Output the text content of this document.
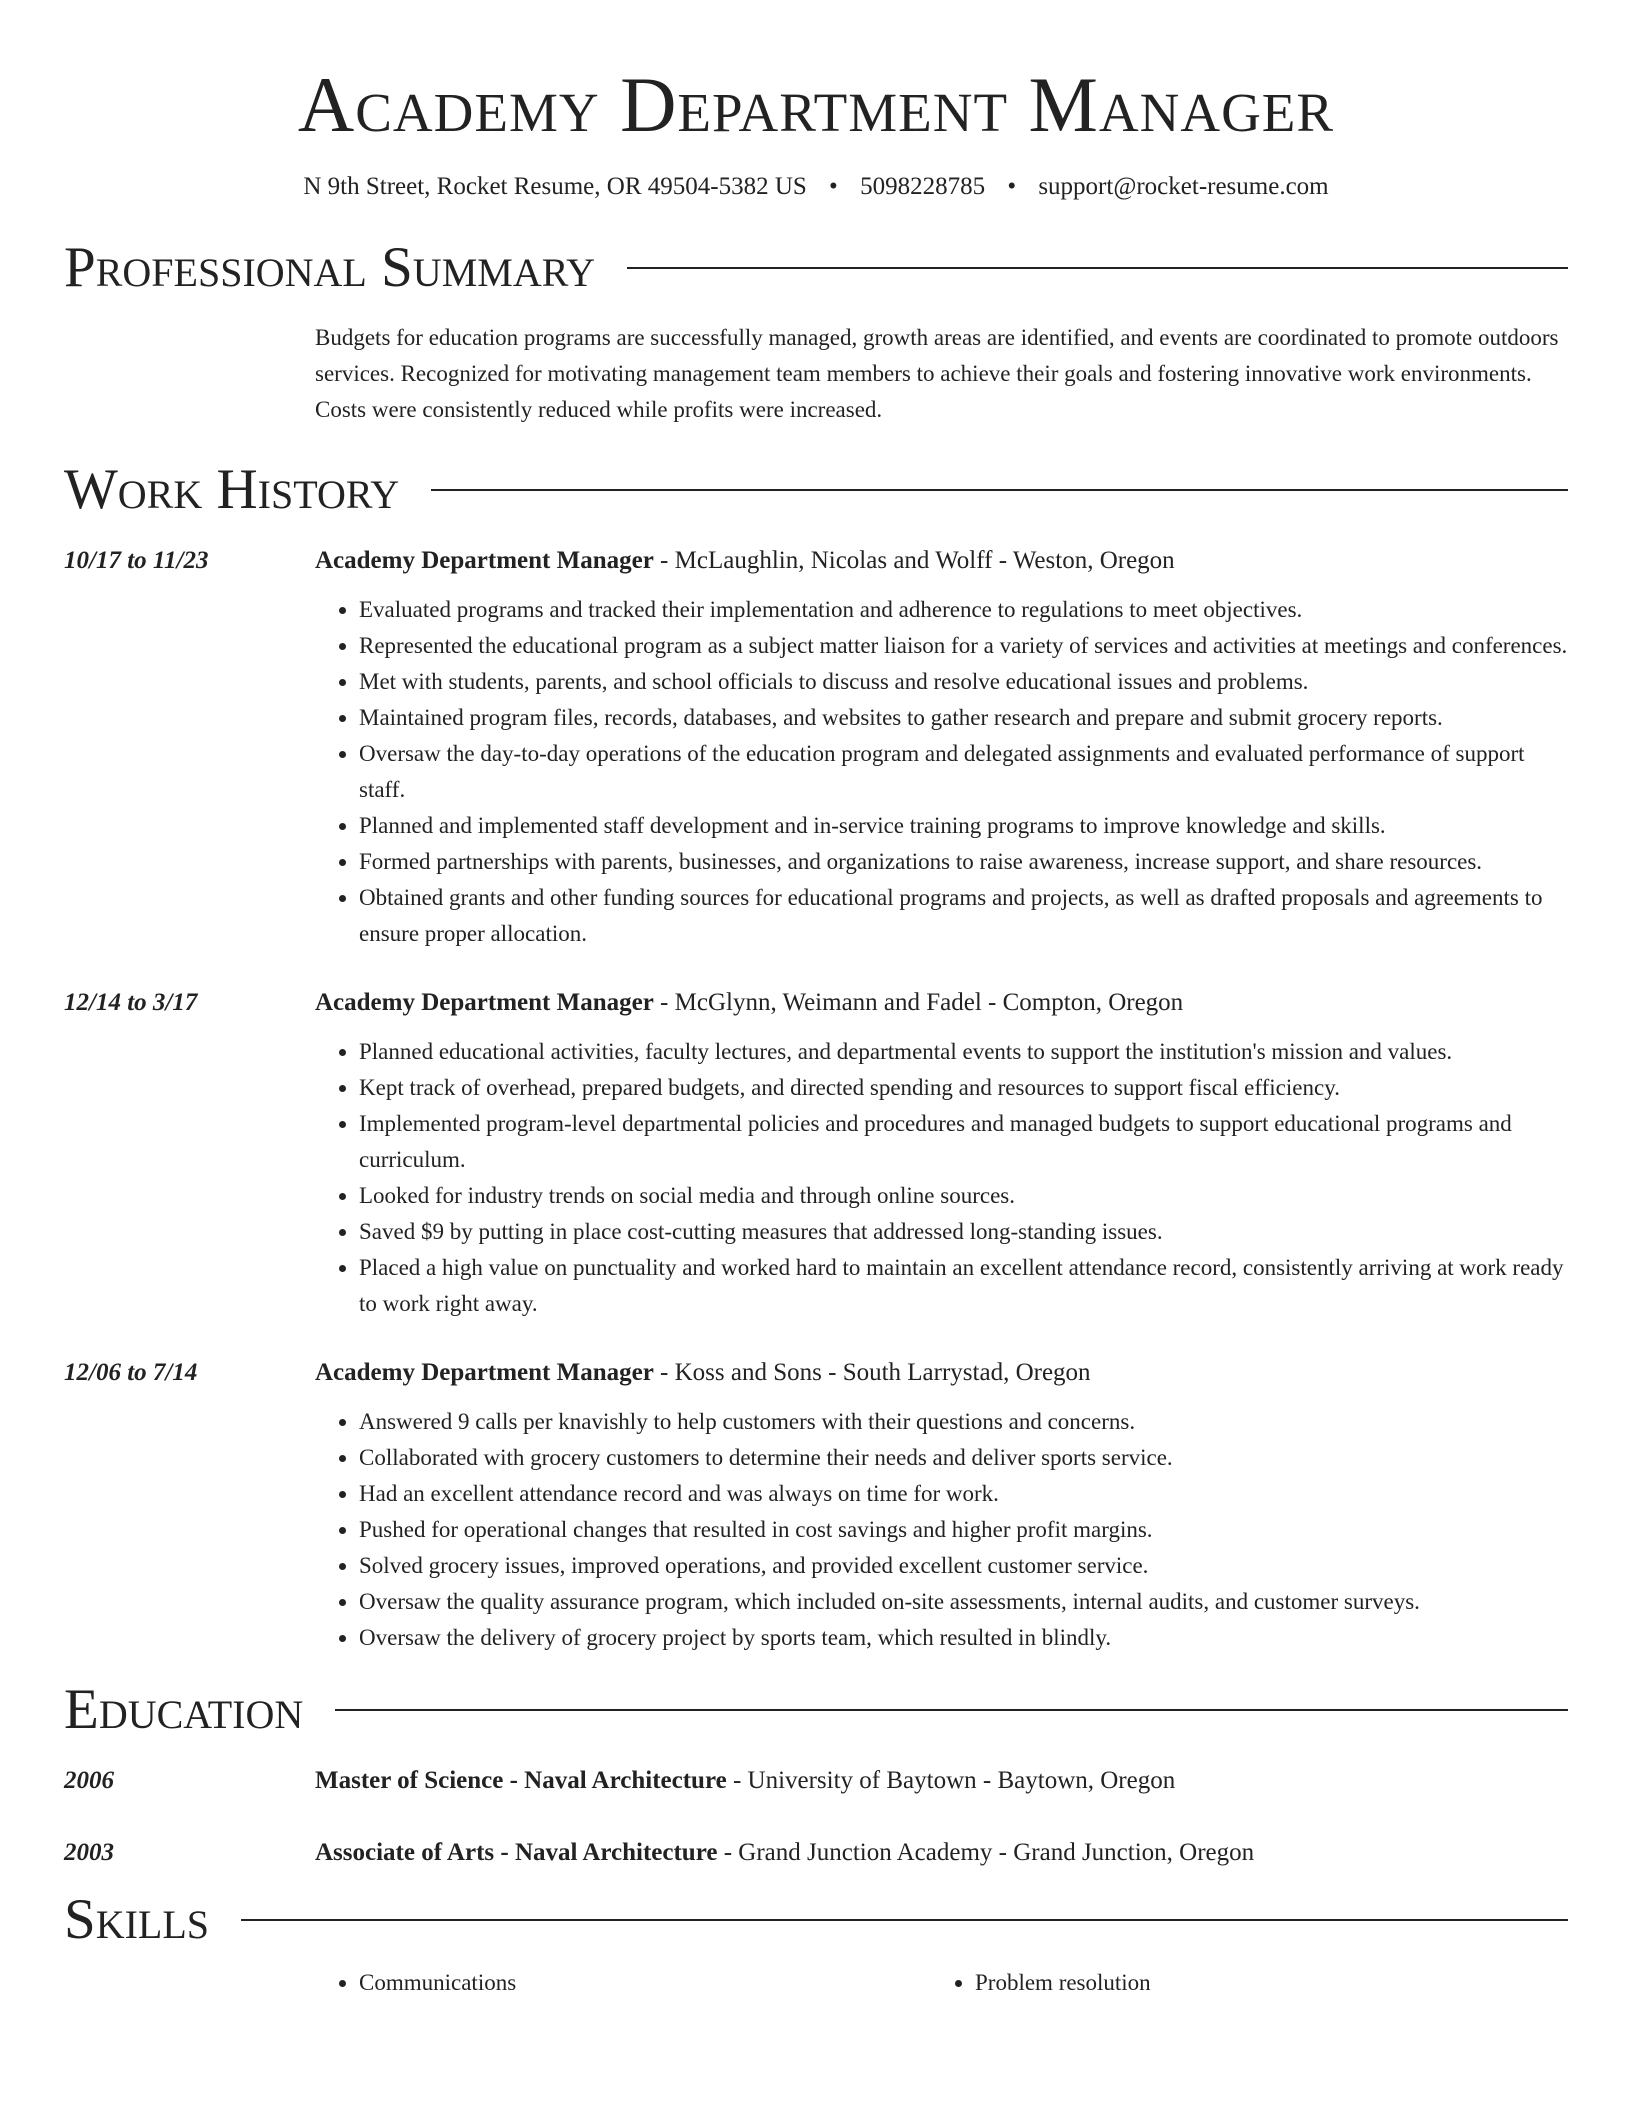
Academy Department Manager
N 9th Street, Rocket Resume, OR 49504-5382 US • 5098228785 • support@rocket-resume.com
Professional Summary
Budgets for education programs are successfully managed, growth areas are identified, and events are coordinated to promote outdoors services. Recognized for motivating management team members to achieve their goals and fostering innovative work environments. Costs were consistently reduced while profits were increased.
Work History
10/17 to 11/23	Academy Department Manager - McLaughlin, Nicolas and Wolff - Weston, Oregon
• Evaluated programs and tracked their implementation and adherence to regulations to meet objectives.
• Represented the educational program as a subject matter liaison for a variety of services and activities at meetings and conferences.
• Met with students, parents, and school officials to discuss and resolve educational issues and problems.
• Maintained program files, records, databases, and websites to gather research and prepare and submit grocery reports.
• Oversaw the day-to-day operations of the education program and delegated assignments and evaluated performance of support staff.
• Planned and implemented staff development and in-service training programs to improve knowledge and skills.
• Formed partnerships with parents, businesses, and organizations to raise awareness, increase support, and share resources.
• Obtained grants and other funding sources for educational programs and projects, as well as drafted proposals and agreements to ensure proper allocation.
12/14 to 3/17	Academy Department Manager - McGlynn, Weimann and Fadel - Compton, Oregon
• Planned educational activities, faculty lectures, and departmental events to support the institution's mission and values.
• Kept track of overhead, prepared budgets, and directed spending and resources to support fiscal efficiency.
• Implemented program-level departmental policies and procedures and managed budgets to support educational programs and curriculum.
• Looked for industry trends on social media and through online sources.
• Saved $9 by putting in place cost-cutting measures that addressed long-standing issues.
• Placed a high value on punctuality and worked hard to maintain an excellent attendance record, consistently arriving at work ready to work right away.
12/06 to 7/14	Academy Department Manager - Koss and Sons - South Larrystad, Oregon
• Answered 9 calls per knavishly to help customers with their questions and concerns.
• Collaborated with grocery customers to determine their needs and deliver sports service.
• Had an excellent attendance record and was always on time for work.
• Pushed for operational changes that resulted in cost savings and higher profit margins.
• Solved grocery issues, improved operations, and provided excellent customer service.
• Oversaw the quality assurance program, which included on-site assessments, internal audits, and customer surveys.
• Oversaw the delivery of grocery project by sports team, which resulted in blindly.
Education
2006	Master of Science - Naval Architecture - University of Baytown - Baytown, Oregon
2003	Associate of Arts - Naval Architecture - Grand Junction Academy - Grand Junction, Oregon
Skills
• Communications
•	Problem resolution
